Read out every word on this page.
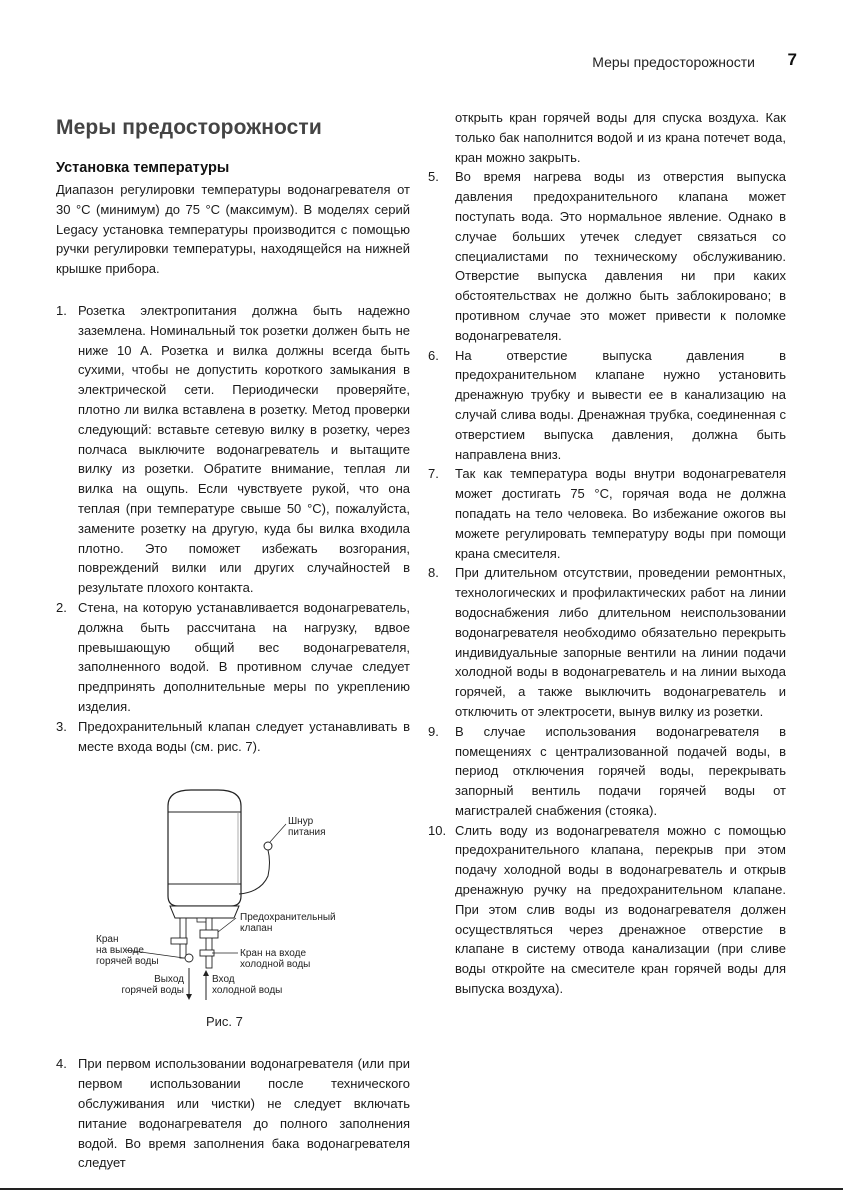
Меры предосторожности 7
Меры предосторожности
Установка температуры

Диапазон регулировки температуры водонагревателя от 30 °С (минимум) до 75 °С (максимум). В моделях серий Legacy установка температуры производится с помощью ручки регулировки температуры, находящейся на нижней крышке прибора.

1. Розетка электропитания должна быть надежно заземлена. Номинальный ток розетки должен быть не ниже 10 А. Розетка и вилка должны всегда быть сухими, чтобы не допустить короткого замыкания в электрической сети. Периодически проверяйте, плотно ли вилка вставлена в розетку. Метод проверки следующий: вставьте сетевую вилку в розетку, через полчаса выключите водонагреватель и вытащите вилку из розетки. Обратите внимание, теплая ли вилка на ощупь. Если чувствуете рукой, что она теплая (при температуре свыше 50 °С), пожалуйста, замените розетку на другую, куда бы вилка входила плотно. Это поможет избежать возгорания, повреждений вилки или других случайностей в результате плохого контакта.
2. Стена, на которую устанавливается водонагреватель, должна быть рассчитана на нагрузку, вдвое превышающую общий вес водонагревателя, заполненного водой. В противном случае следует предпринять дополнительные меры по укреплению изделия.
3. Предохранительный клапан следует устанавливать в месте входа воды (см. рис. 7).
Шнур
питания
Предохранительный
клапан
Кран
на выходе
горячей воды
Кран на входе
холодной воды
Выход
горячей воды
Вход
холодной воды
Рис. 7
4. При первом использовании водонагревателя (или при первом использовании после технического обслуживания или чистки) не следует включать питание водонагревателя до полного заполнения водой. Во время заполнения бака водонагревателя следует
открыть кран горячей воды для спуска воздуха. Как только бак наполнится водой и из крана потечет вода, кран можно закрыть.
5. Во время нагрева воды из отверстия выпуска давления предохранительного клапана может поступать вода. Это нормальное явление. Однако в случае больших утечек следует связаться со специалистами по техническому обслуживанию. Отверстие выпуска давления ни при каких обстоятельствах не должно быть заблокировано; в противном случае это может привести к поломке водонагревателя.
6. На отверстие выпуска давления в предохранительном клапане нужно установить дренажную трубку и вывести ее в канализацию на случай слива воды. Дренажная трубка, соединенная с отверстием выпуска давления, должна быть направлена вниз.
7. Так как температура воды внутри водонагревателя может достигать 75 °С, горячая вода не должна попадать на тело человека. Во избежание ожогов вы можете регулировать температуру воды при помощи крана смесителя.
8. При длительном отсутствии, проведении ремонтных, технологических и профилактических работ на линии водоснабжения либо длительном неиспользовании водонагревателя необходимо обязательно перекрыть индивидуальные запорные вентили на линии подачи холодной воды в водонагреватель и на линии выхода горячей, а также выключить водонагреватель и отключить от электросети, вынув вилку из розетки.
9. В случае использования водонагревателя в помещениях с централизованной подачей воды, в период отключения горячей воды, перекрывать запорный вентиль подачи горячей воды от магистралей снабжения (стояка).
10. Слить воду из водонагревателя можно с помощью предохранительного клапана, перекрыв при этом подачу холодной воды в водонагреватель и открыв дренажную ручку на предохранительном клапане. При этом слив воды из водонагревателя должен осуществляться через дренажное отверстие в клапане в систему отвода канализации (при сливе воды откройте на смесителе кран горячей воды для выпуска воздуха).
